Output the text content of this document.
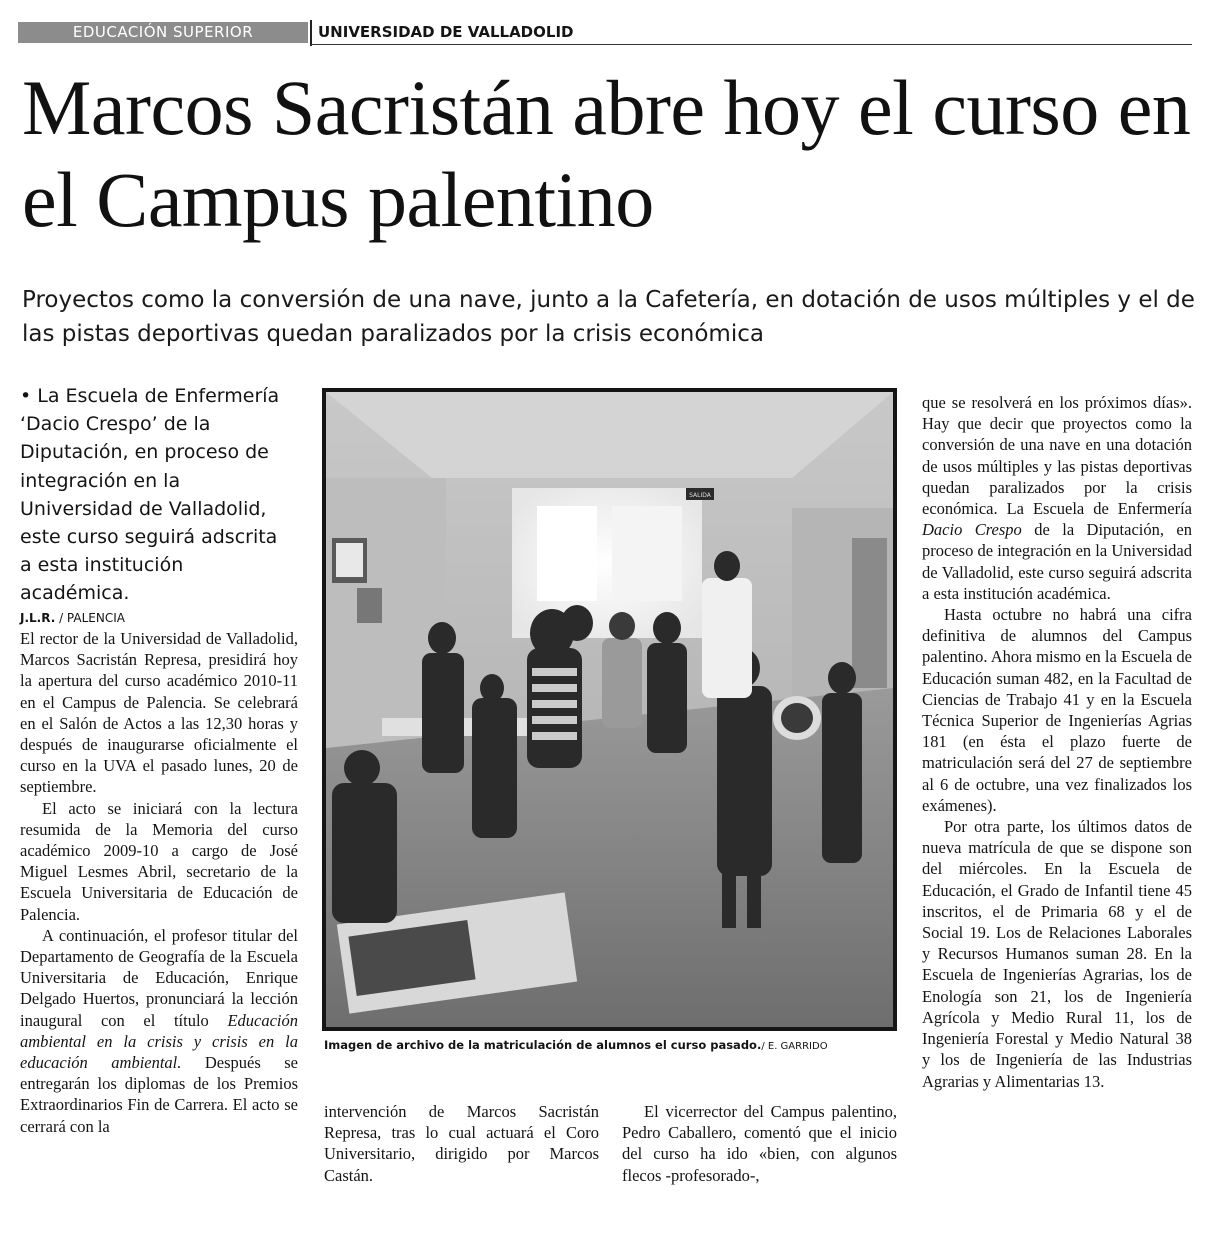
EDUCACIÓN SUPERIOR	UNIVERSIDAD DE VALLADOLID
Marcos Sacristán abre hoy el curso en el Campus palentino

Proyectos como la conversión de una nave, junto a la Cafetería, en dotación de usos múltiples y el de las pistas deportivas quedan paralizados por la crisis económica

• La Escuela de Enfermería ‘Dacio Crespo’ de la Diputación, en proceso de integración en la Universidad de Valladolid, este curso seguirá adscrita a esta institución académica.
J.L.R. / PALENCIA

El rector de la Universidad de Valladolid, Marcos Sacristán Represa, presidirá hoy la apertura del curso académico 2010-11 en el Campus de Palencia. Se celebrará en el Salón de Actos a las 12,30 horas y después de inaugurarse oficialmente el curso en la UVA el pasado lunes, 20 de septiembre.

El acto se iniciará con la lectura resumida de la Memoria del curso académico 2009-10 a cargo de José Miguel Lesmes Abril, secretario de la Escuela Universitaria de Educación de Palencia.

A continuación, el profesor titular del Departamento de Geografía de la Escuela Universitaria de Educación, Enrique Delgado Huertos, pronunciará la lección inaugural con el título Educación ambiental en la crisis y crisis en la educación ambiental. Después se entregarán los diplomas de los Premios Extraordinarios Fin de Carrera. El acto se cerrará con la

SALIDA
Imagen de archivo de la matriculación de alumnos el curso pasado./ E. GARRIDO

intervención de Marcos Sacristán Represa, tras lo cual actuará el Coro Universitario, dirigido por Marcos Castán.

El vicerrector del Campus palentino, Pedro Caballero, comentó que el inicio del curso ha ido «bien, con algunos flecos -profesorado-,

que se resolverá en los próximos días». Hay que decir que proyectos como la conversión de una nave en una dotación de usos múltiples y las pistas deportivas quedan paralizados por la crisis económica. La Escuela de Enfermería Dacio Crespo de la Diputación, en proceso de integración en la Universidad de Valladolid, este curso seguirá adscrita a esta institución académica.

Hasta octubre no habrá una cifra definitiva de alumnos del Campus palentino. Ahora mismo en la Escuela de Educación suman 482, en la Facultad de Ciencias de Trabajo 41 y en la Escuela Técnica Superior de Ingenierías Agrias 181 (en ésta el plazo fuerte de matriculación será del 27 de septiembre al 6 de octubre, una vez finalizados los exámenes).

Por otra parte, los últimos datos de nueva matrícula de que se dispone son del miércoles. En la Escuela de Educación, el Grado de Infantil tiene 45 inscritos, el de Primaria 68 y el de Social 19. Los de Relaciones Laborales y Recursos Humanos suman 28. En la Escuela de Ingenierías Agrarias, los de Enología son 21, los de Ingeniería Agrícola y Medio Rural 11, los de Ingeniería Forestal y Medio Natural 38 y los de Ingeniería de las Industrias Agrarias y Alimentarias 13.
